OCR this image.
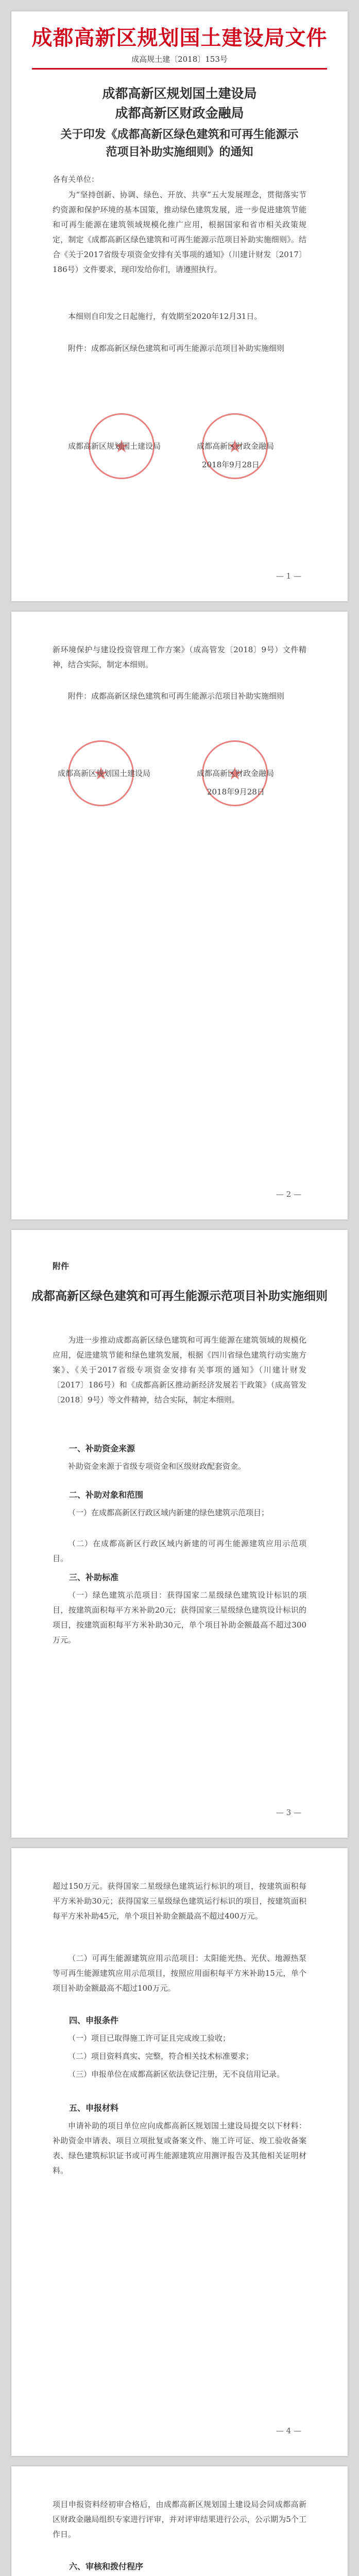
成都高新区规划国土建设局文件
成高规土建〔2018〕153号
成都高新区规划国土建设局
成都高新区财政金融局
关于印发《成都高新区绿色建筑和可再生能源示范项目补助实施细则》的通知
各有关单位：
为“坚持创新、协调、绿色、开放、共享”五大发展理念，贯彻落实节约资源和保护环境的基本国策，推动绿色建筑发展，进一步促进建筑节能和可再生能源在建筑领域规模化推广应用，根据国家和省市相关政策规定，制定《成都高新区绿色建筑和可再生能源示范项目补助实施细则》。结合《关于2017省级专项资金安排有关事项的通知》（川建计财发〔2017〕186号）文件要求，现印发给你们，请遵照执行。
本细则自印发之日起施行，有效期至2020年12月31日。
附件：成都高新区绿色建筑和可再生能源示范项目补助实施细则
★
★
成都高新区规划国土建设局	成都高新区财政金融局
2018年9月28日
— 1 —
新环境保护与建设投资管理工作方案》（成高管发〔2018〕9号）文件精神，结合实际，制定本细则。
附件：成都高新区绿色建筑和可再生能源示范项目补助实施细则
★
★
成都高新区规划国土建设局	成都高新区财政金融局
2018年9月28日
— 2 —
附件
成都高新区绿色建筑和可再生能源示范项目补助实施细则
为进一步推动成都高新区绿色建筑和可再生能源在建筑领域的规模化应用，促进建筑节能和绿色建筑发展，根据《四川省绿色建筑行动实施方案》、《关于2017省级专项资金安排有关事项的通知》（川建计财发〔2017〕186号）和《成都高新区推动新经济发展若干政策》（成高管发〔2018〕9号）等文件精神，结合实际，制定本细则。
一、补助资金来源
补助资金来源于省级专项资金和区级财政配套资金。
二、补助对象和范围
（一）在成都高新区行政区域内新建的绿色建筑示范项目；
（二）在成都高新区行政区域内新建的可再生能源建筑应用示范项目。
三、补助标准
（一）绿色建筑示范项目：获得国家二星级绿色建筑设计标识的项目，按建筑面积每平方米补助20元；获得国家三星级绿色建筑设计标识的项目，按建筑面积每平方米补助30元，单个项目补助金额最高不超过300万元。
— 3 —
超过150万元。获得国家二星级绿色建筑运行标识的项目，按建筑面积每平方米补助30元；获得国家三星级绿色建筑运行标识的项目，按建筑面积每平方米补助45元，单个项目补助金额最高不超过400万元。
（二）可再生能源建筑应用示范项目：太阳能光热、光伏、地源热泵等可再生能源建筑应用示范项目，按照应用面积每平方米补助15元，单个项目补助金额最高不超过100万元。
四、申报条件
（一）项目已取得施工许可证且完成竣工验收；
（二）项目资料真实、完整，符合相关技术标准要求；
（三）申报单位在成都高新区依法登记注册，无不良信用记录。
五、申报材料
申请补助的项目单位应向成都高新区规划国土建设局提交以下材料：补助资金申请表、项目立项批复或备案文件、施工许可证、竣工验收备案表、绿色建筑标识证书或可再生能源建筑应用测评报告及其他相关证明材料。
— 4 —
项目申报资料经初审合格后，由成都高新区规划国土建设局会同成都高新区财政金融局组织专家进行评审，并对评审结果进行公示，公示期为5个工作日。
六、审核和拨付程序
